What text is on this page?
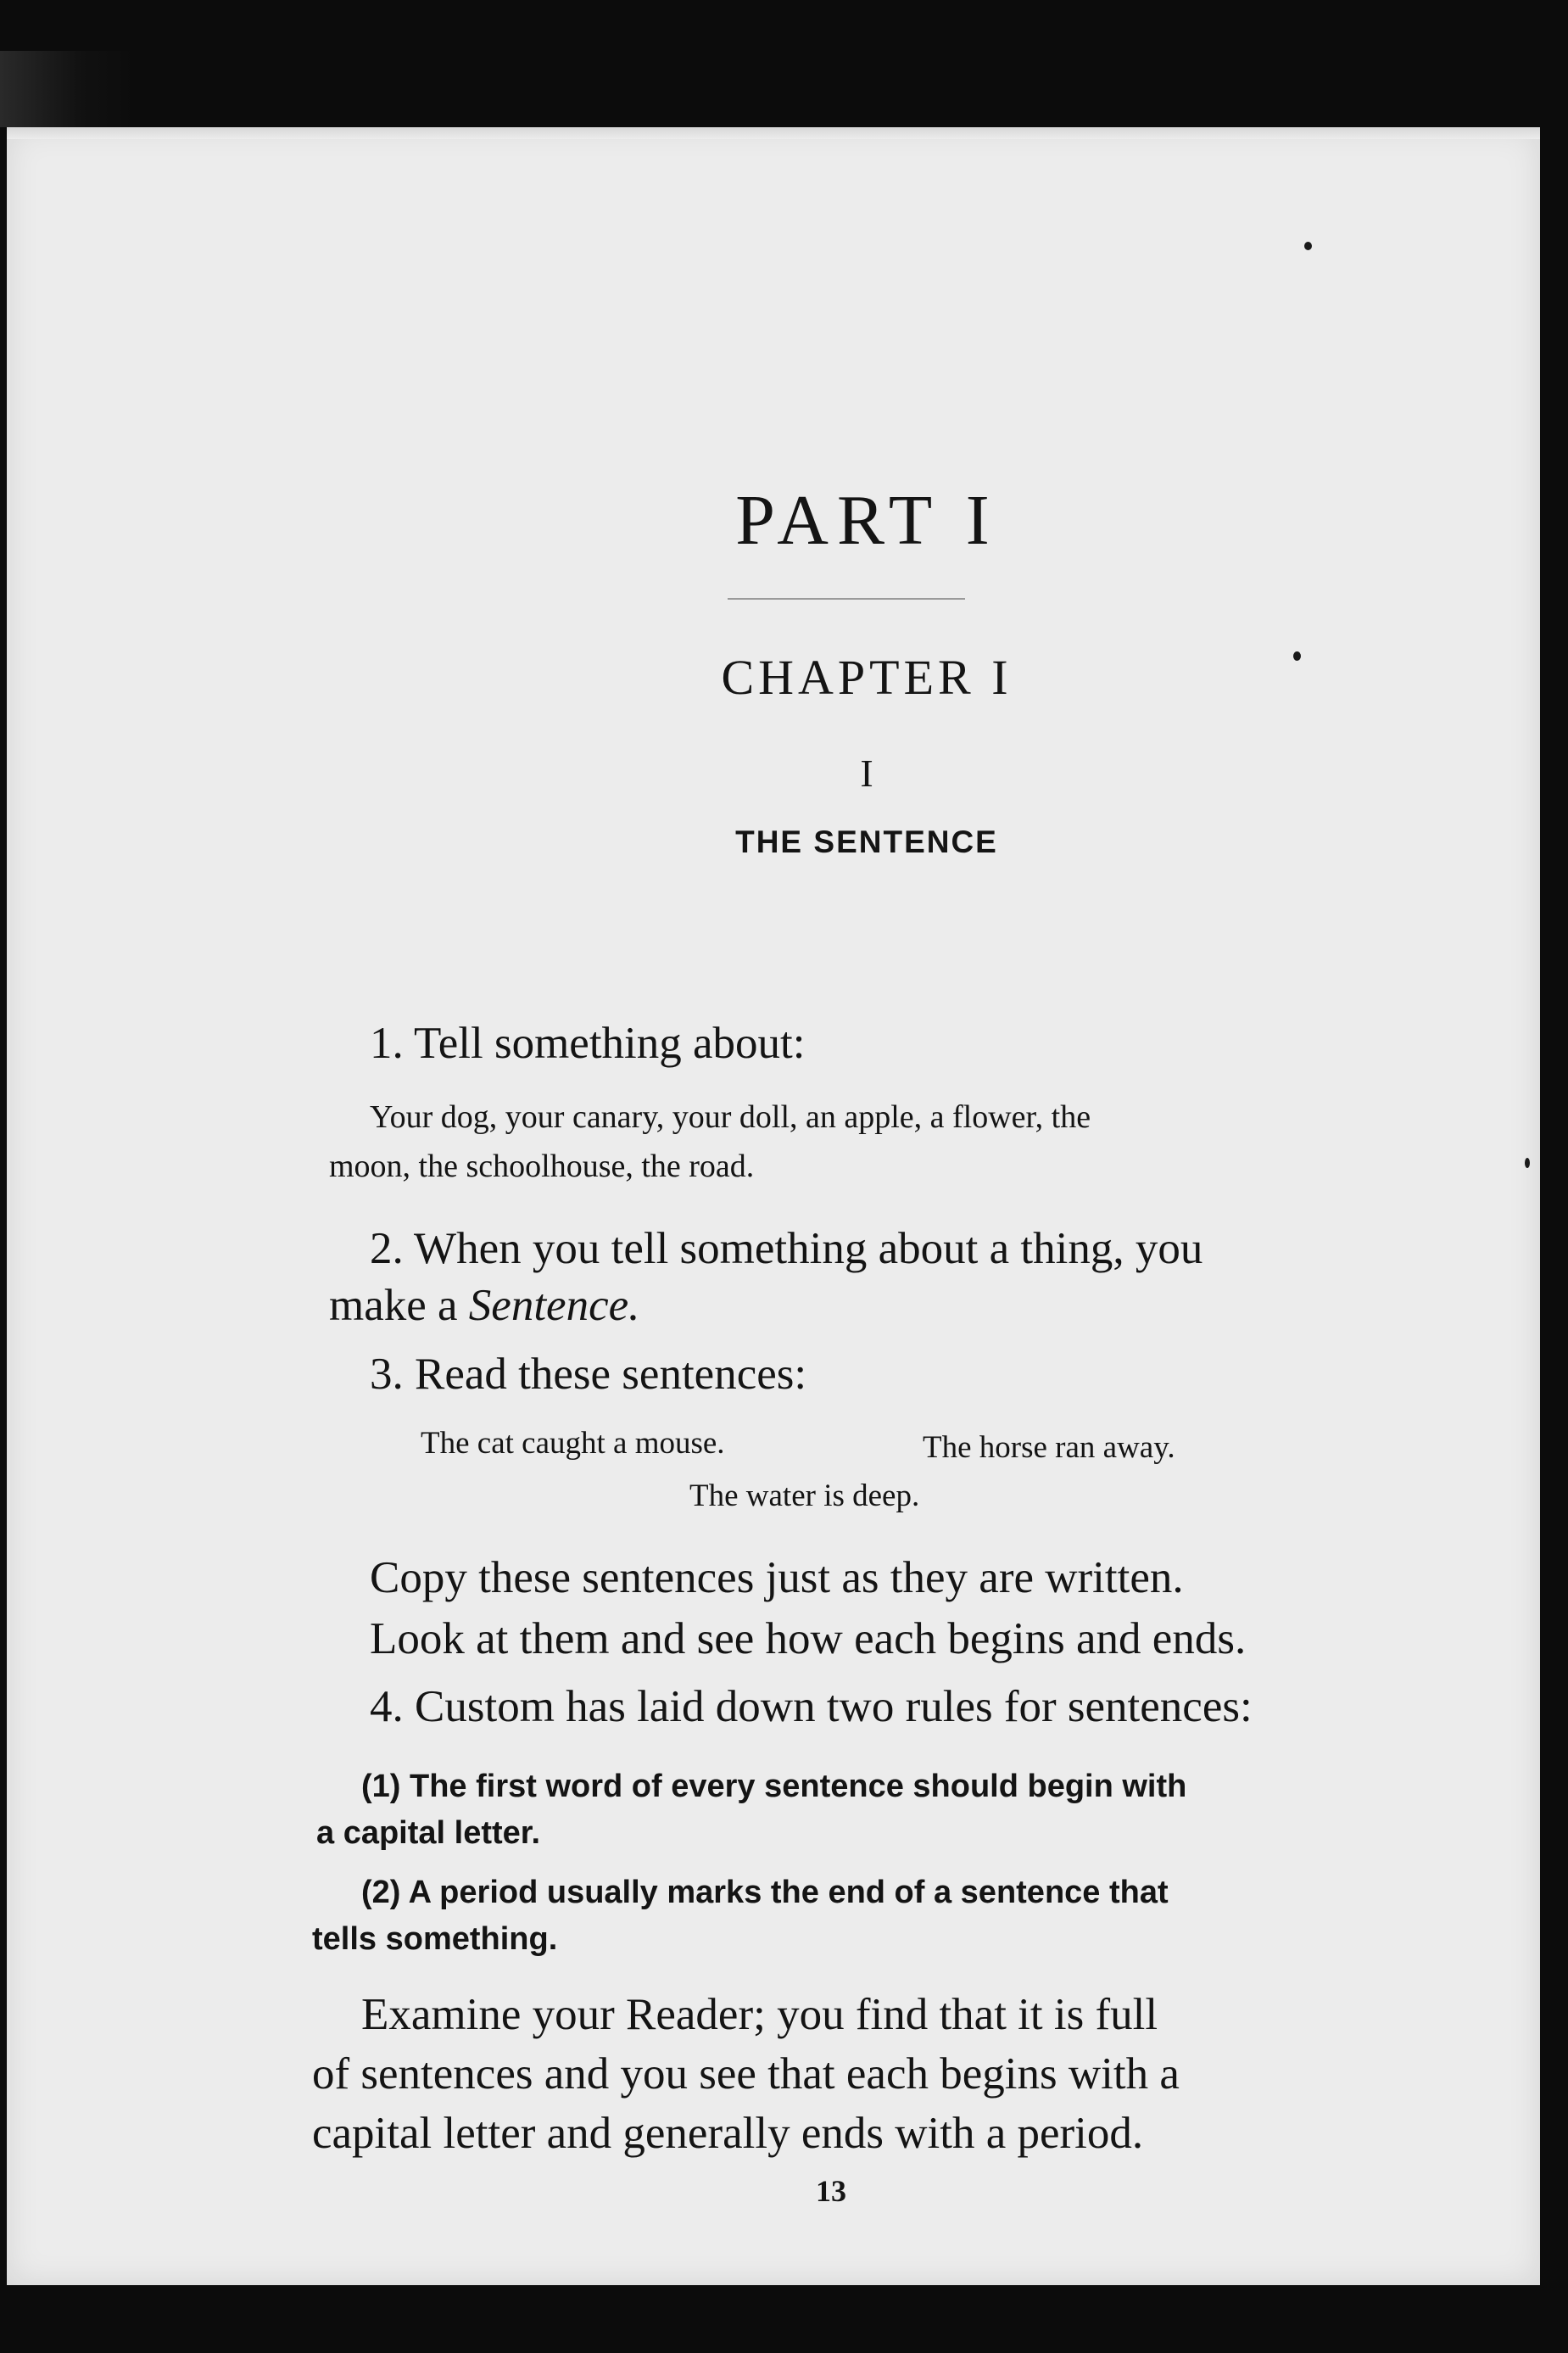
PART I
CHAPTER I
I
THE SENTENCE
1. Tell something about:
Your dog, your canary, your doll, an apple, a flower, the
moon, the schoolhouse, the road.
2. When you tell something about a thing, you
make a Sentence.
3. Read these sentences:
The cat caught a mouse.	The horse ran away.
The water is deep.
Copy these sentences just as they are written.
Look at them and see how each begins and ends.
4. Custom has laid down two rules for sentences:
(1) The first word of every sentence should begin with
a capital letter.
(2) A period usually marks the end of a sentence that
tells something.
Examine your Reader; you find that it is full
of sentences and you see that each begins with a
capital letter and generally ends with a period.
13
